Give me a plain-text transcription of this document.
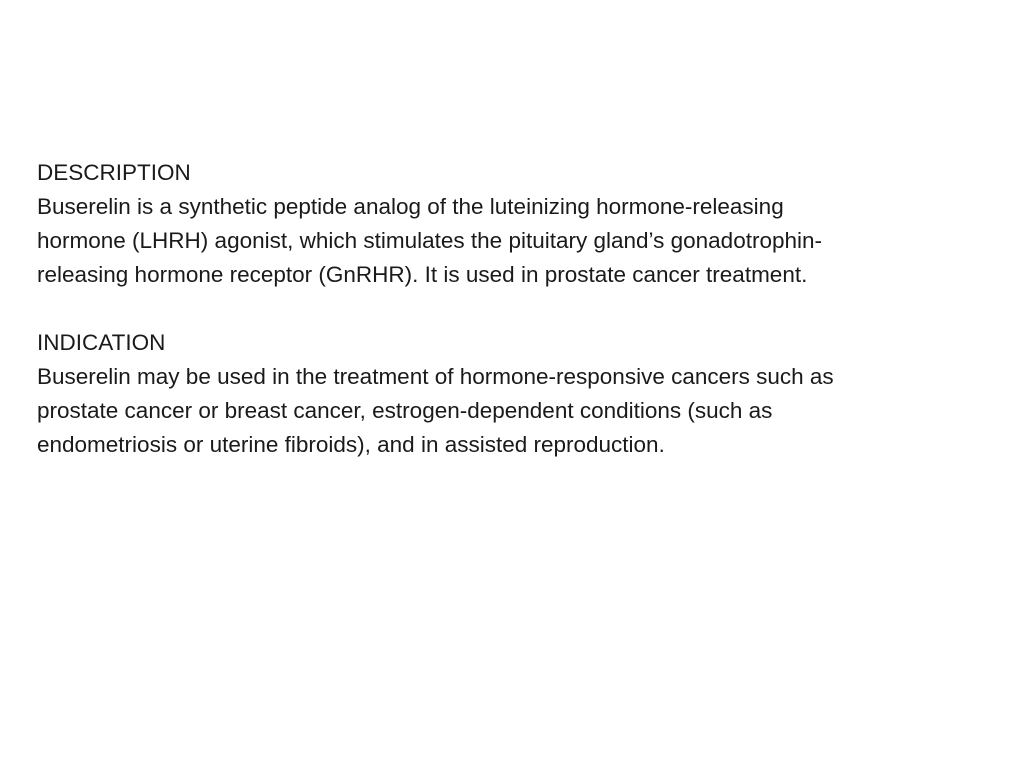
DESCRIPTION
Buserelin is a synthetic peptide analog of the luteinizing hormone-releasing
hormone (LHRH) agonist, which stimulates the pituitary gland’s gonadotrophin-
releasing hormone receptor (GnRHR). It is used in prostate cancer treatment.
INDICATION
Buserelin may be used in the treatment of hormone-responsive cancers such as
prostate cancer or breast cancer, estrogen-dependent conditions (such as
endometriosis or uterine fibroids), and in assisted reproduction.
